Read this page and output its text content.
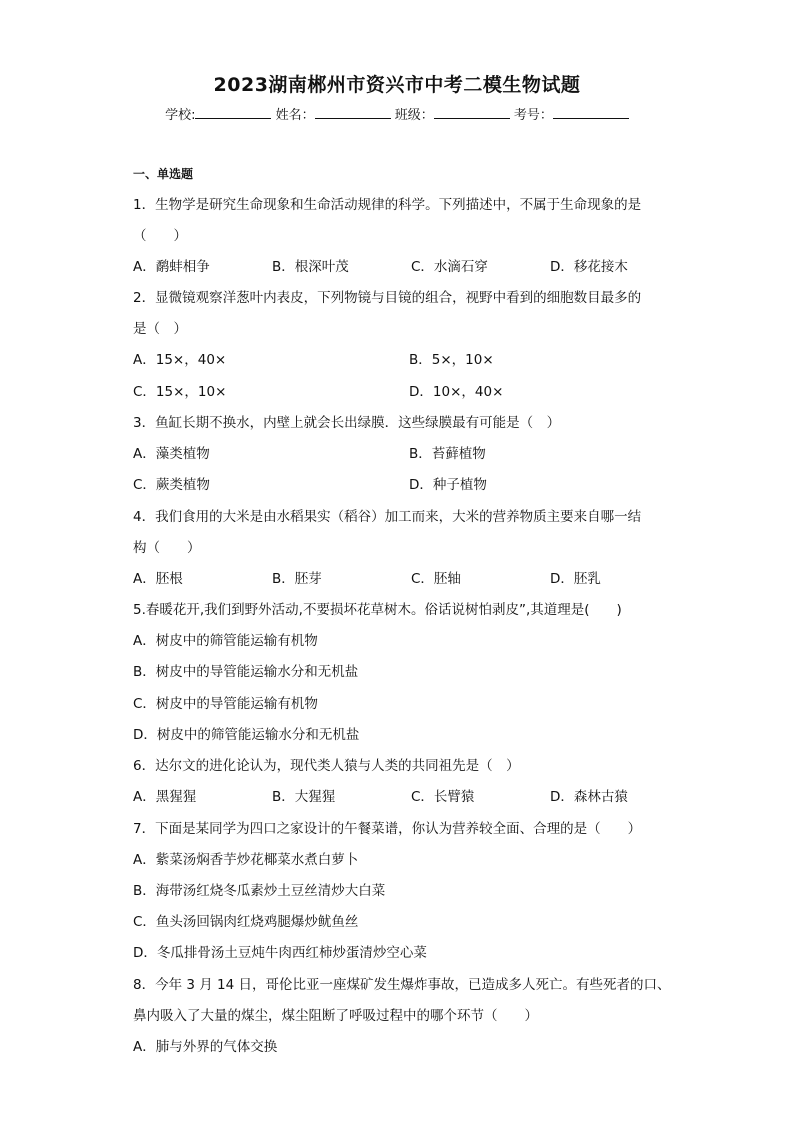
2023湖南郴州市资兴市中考二模生物试题
学校:	姓名：	班级：	考号：
一、单选题
1．生物学是研究生命现象和生命活动规律的科学。下列描述中，不属于生命现象的是
（　　）
A．鹬蚌相争	B．根深叶茂	C．水滴石穿	D．移花接木
2．显微镜观察洋葱叶内表皮，下列物镜与目镜的组合，视野中看到的细胞数目最多的
是（　）
A．15×，40×	B．5×，10×
C．15×，10×	D．10×，40×
3．鱼缸长期不换水，内壁上就会长出绿膜．这些绿膜最有可能是（　）
A．藻类植物	B．苔藓植物
C．蕨类植物	D．种子植物
4．我们食用的大米是由水稻果实（稻谷）加工而来，大米的营养物质主要来自哪一结
构（　　）
A．胚根	B．胚芽	C．胚轴	D．胚乳
5.春暖花开,我们到野外活动,不要损坏花草树木。俗话说树怕剥皮”,其道理是(　　)
A．树皮中的筛管能运输有机物
B．树皮中的导管能运输水分和无机盐
C．树皮中的导管能运输有机物
D．树皮中的筛管能运输水分和无机盐
6．达尔文的进化论认为，现代类人猿与人类的共同祖先是（　）
A．黑猩猩	B．大猩猩	C．长臂猿	D．森林古猿
7．下面是某同学为四口之家设计的午餐菜谱，你认为营养较全面、合理的是（　　）
A．紫菜汤焖香芋炒花椰菜水煮白萝卜
B．海带汤红烧冬瓜素炒土豆丝清炒大白菜
C．鱼头汤回锅肉红烧鸡腿爆炒鱿鱼丝
D．冬瓜排骨汤土豆炖牛肉西红柿炒蛋清炒空心菜
8．今年 3 月 14 日，哥伦比亚一座煤矿发生爆炸事故，已造成多人死亡。有些死者的口、
鼻内吸入了大量的煤尘，煤尘阻断了呼吸过程中的哪个环节（　　）
A．肺与外界的气体交换
